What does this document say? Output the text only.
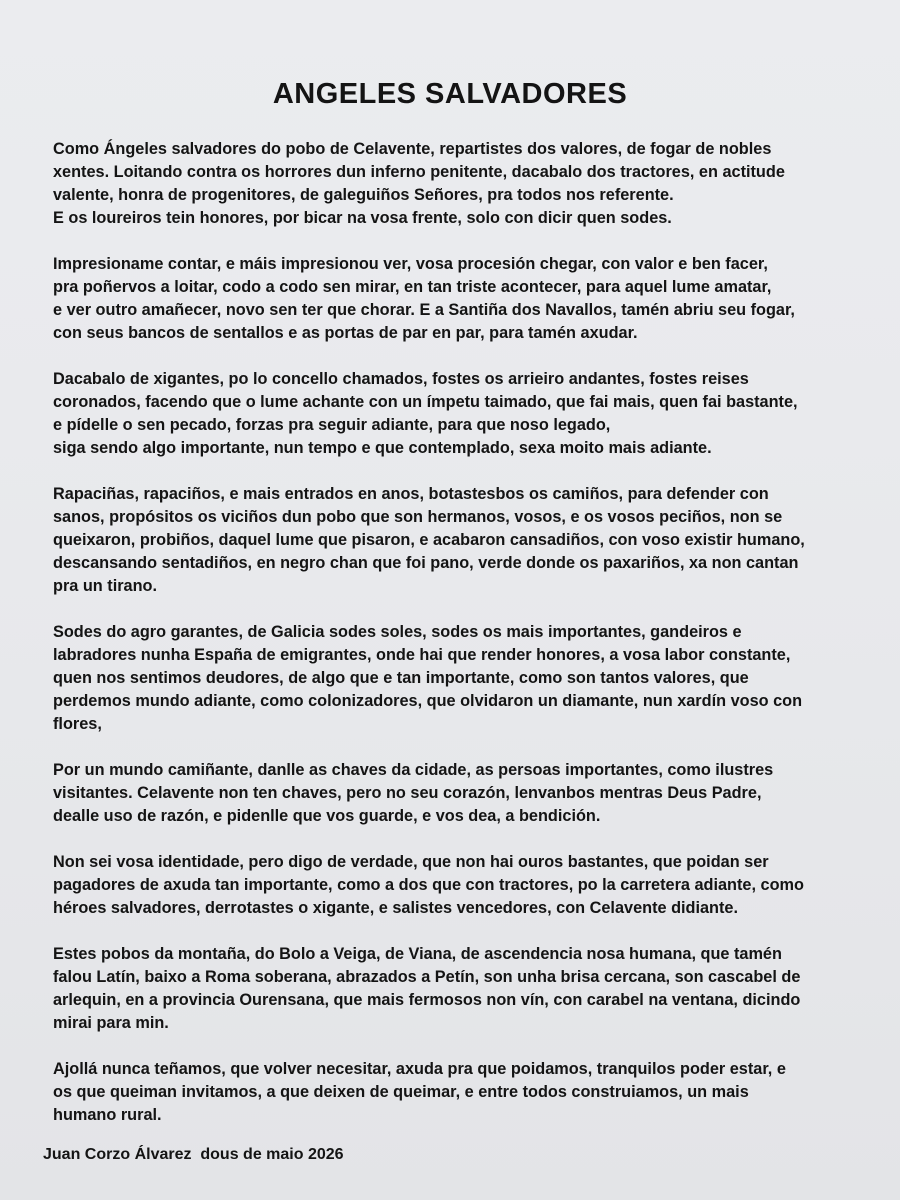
ANGELES SALVADORES
Como Ángeles salvadores do pobo de Celavente, repartistes dos valores, de fogar de nobles
xentes. Loitando contra os horrores dun inferno penitente, dacabalo dos tractores, en actitude
valente, honra de progenitores, de galeguiños Señores, pra todos nos referente.
E os loureiros tein honores, por bicar na vosa frente, solo con dicir quen sodes.
Impresioname contar, e máis impresionou ver, vosa procesión chegar, con valor e ben facer,
pra poñervos a loitar, codo a codo sen mirar, en tan triste acontecer, para aquel lume amatar,
e ver outro amañecer, novo sen ter que chorar. E a Santiña dos Navallos, tamén abriu seu fogar,
con seus bancos de sentallos e as portas de par en par, para tamén axudar.
Dacabalo de xigantes, po lo concello chamados, fostes os arrieiro andantes, fostes reises
coronados, facendo que o lume achante con un ímpetu taimado, que fai mais, quen fai bastante,
e pídelle o sen pecado, forzas pra seguir adiante, para que noso legado,
siga sendo algo importante, nun tempo e que contemplado, sexa moito mais adiante.
Rapaciñas, rapaciños, e mais entrados en anos, botastesbos os camiños, para defender con
sanos, propósitos os viciños dun pobo que son hermanos, vosos, e os vosos peciños, non se
queixaron, probiños, daquel lume que pisaron, e acabaron cansadiños, con voso existir humano,
descansando sentadiños, en negro chan que foi pano, verde donde os paxariños, xa non cantan
pra un tirano.
Sodes do agro garantes, de Galicia sodes soles, sodes os mais importantes, gandeiros e
labradores nunha España de emigrantes, onde hai que render honores, a vosa labor constante,
quen nos sentimos deudores, de algo que e tan importante, como son tantos valores, que
perdemos mundo adiante, como colonizadores, que olvidaron un diamante, nun xardín voso con
flores,
Por un mundo camiñante, danlle as chaves da cidade, as persoas importantes, como ilustres
visitantes. Celavente non ten chaves, pero no seu corazón, lenvanbos mentras Deus Padre,
dealle uso de razón, e pidenlle que vos guarde, e vos dea, a bendición.
Non sei vosa identidade, pero digo de verdade, que non hai ouros bastantes, que poidan ser
pagadores de axuda tan importante, como a dos que con tractores, po la carretera adiante, como
héroes salvadores, derrotastes o xigante, e salistes vencedores, con Celavente didiante.
Estes pobos da montaña, do Bolo a Veiga, de Viana, de ascendencia nosa humana, que tamén
falou Latín, baixo a Roma soberana, abrazados a Petín, son unha brisa cercana, son cascabel de
arlequin, en a provincia Ourensana, que mais fermosos non vín, con carabel na ventana, dicindo
mirai para min.
Ajollá nunca teñamos, que volver necesitar, axuda pra que poidamos, tranquilos poder estar, e
os que queiman invitamos, a que deixen de queimar, e entre todos construiamos, un mais
humano rural.
Juan Corzo Álvarez  dous de maio 2026
